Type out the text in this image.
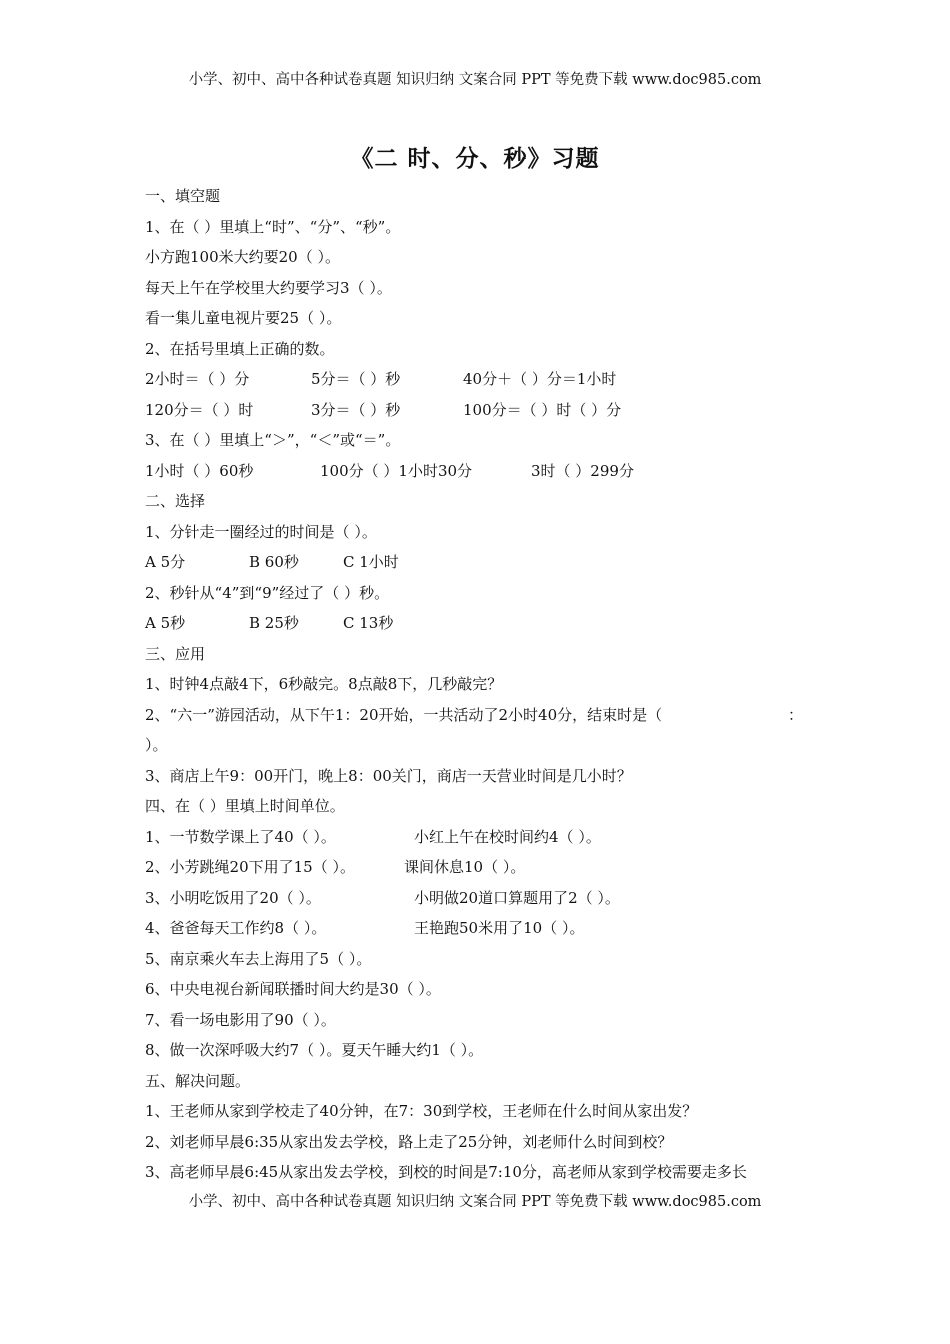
小学、初中、高中各种试卷真题 知识归纳 文案合同 PPT 等免费下载 www.doc985.com
《二 时、分、秒》习题
一、填空题
1、在（ ）里填上“时”、“分”、“秒”。
小方跑100米大约要20（ ）。
每天上午在学校里大约要学习3（ ）。
看一集儿童电视片要25（ ）。
2、在括号里填上正确的数。
2小时＝（ ）分	5分＝（ ）秒	40分＋（ ）分＝1小时
120分＝（ ）时	3分＝（ ）秒	100分＝（ ）时（ ）分
3、在（ ）里填上“＞”，“＜”或“＝”。
1小时（ ）60秒	100分（ ）1小时30分	3时（ ）299分
二、选择
1、分针走一圈经过的时间是（ ）。
A 5分	B 60秒	C 1小时
2、秒针从“4”到“9”经过了（ ）秒。
A 5秒	B 25秒	C 13秒
三、应用
1、时钟4点敲4下，6秒敲完。8点敲8下，几秒敲完？
2、“六一”游园活动，从下午1：20开始，一共活动了2小时40分，结束时是（	：
）。
3、商店上午9：00开门，晚上8：00关门，商店一天营业时间是几小时？
四、在（ ）里填上时间单位。
1、一节数学课上了40（ ）。	小红上午在校时间约4（ ）。
2、小芳跳绳20下用了15（ ）。	课间休息10（ ）。
3、小明吃饭用了20（ ）。	小明做20道口算题用了2（ ）。
4、爸爸每天工作约8（ ）。	王艳跑50米用了10（ ）。
5、南京乘火车去上海用了5（ ）。
6、中央电视台新闻联播时间大约是30（ ）。
7、看一场电影用了90（ ）。
8、做一次深呼吸大约7（ ）。夏天午睡大约1（ ）。
五、解决问题。
1、王老师从家到学校走了40分钟，在7：30到学校，王老师在什么时间从家出发？
2、刘老师早晨6:35从家出发去学校，路上走了25分钟，刘老师什么时间到校？
3、高老师早晨6:45从家出发去学校，到校的时间是7:10分，高老师从家到学校需要走多长
小学、初中、高中各种试卷真题 知识归纳 文案合同 PPT 等免费下载 www.doc985.com
